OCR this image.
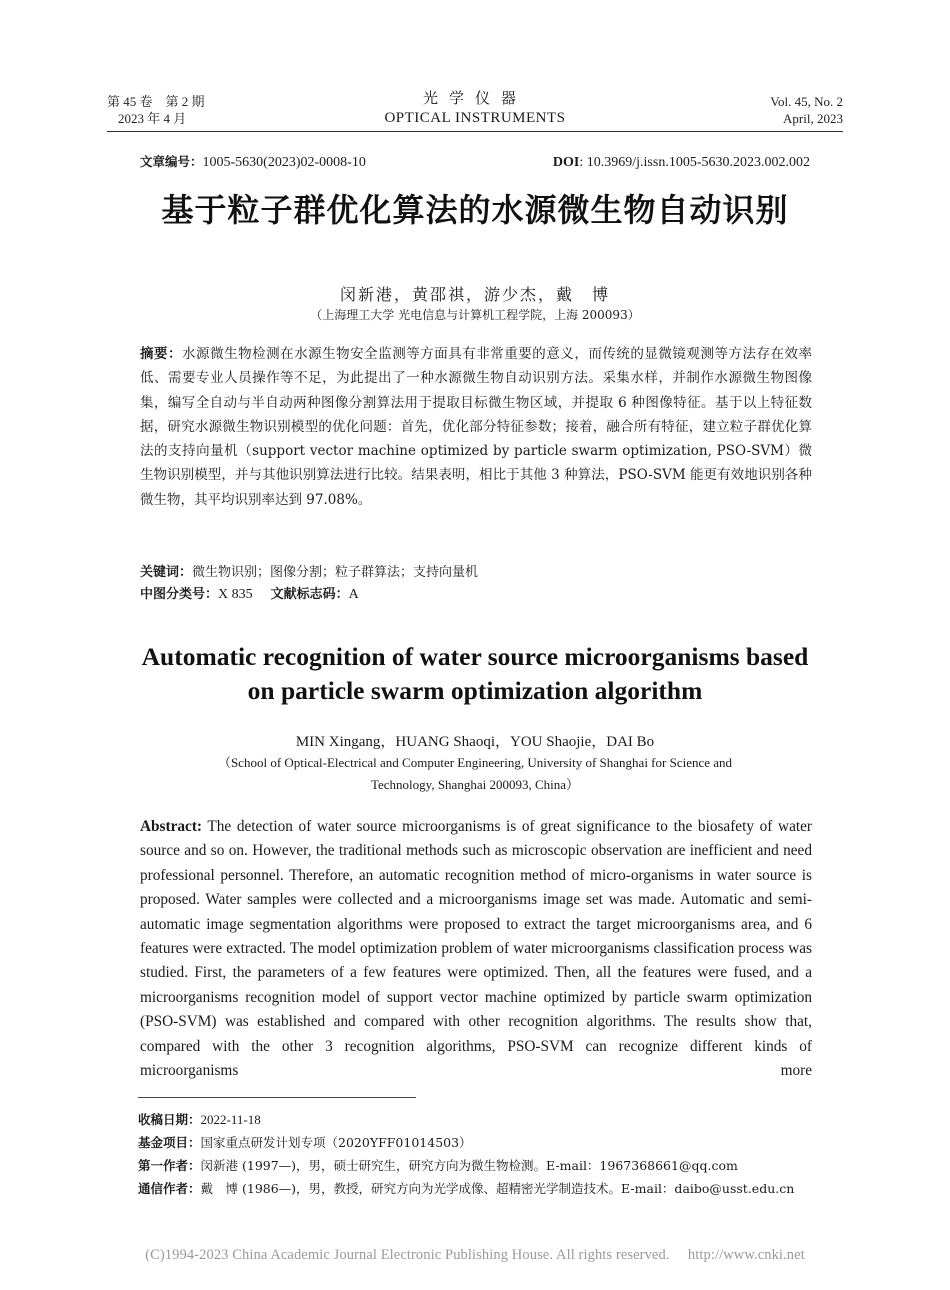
第 45 卷　第 2 期
2023 年 4 月
光学仪器
OPTICAL INSTRUMENTS
Vol. 45, No. 2
April, 2023
文章编号：1005-5630(2023)02-0008-10	DOI: 10.3969/j.issn.1005-5630.2023.002.002
基于粒子群优化算法的水源微生物自动识别
闵新港，黄邵祺，游少杰，戴　博
（上海理工大学 光电信息与计算机工程学院，上海 200093）
摘要：水源微生物检测在水源生物安全监测等方面具有非常重要的意义，而传统的显微镜观测等方法存在效率低、需要专业人员操作等不足，为此提出了一种水源微生物自动识别方法。采集水样，并制作水源微生物图像集，编写全自动与半自动两种图像分割算法用于提取目标微生物区域，并提取 6 种图像特征。基于以上特征数据，研究水源微生物识别模型的优化问题：首先，优化部分特征参数；接着，融合所有特征，建立粒子群优化算法的支持向量机（support vector machine optimized by particle swarm optimization, PSO-SVM）微生物识别模型，并与其他识别算法进行比较。结果表明，相比于其他 3 种算法，PSO-SVM 能更有效地识别各种微生物，其平均识别率达到 97.08%。
关键词：微生物识别；图像分割；粒子群算法；支持向量机
中图分类号：X 835 文献标志码：A
Automatic recognition of water source microorganisms based
on particle swarm optimization algorithm
MIN Xingang，HUANG Shaoqi，YOU Shaojie，DAI Bo
（School of Optical-Electrical and Computer Engineering, University of Shanghai for Science and
Technology, Shanghai 200093, China）
Abstract: The detection of water source microorganisms is of great significance to the biosafety of water source and so on. However, the traditional methods such as microscopic observation are inefficient and need professional personnel. Therefore, an automatic recognition method of micro-organisms in water source is proposed. Water samples were collected and a microorganisms image set was made. Automatic and semi-automatic image segmentation algorithms were proposed to extract the target microorganisms area, and 6 features were extracted. The model optimization problem of water microorganisms classification process was studied. First, the parameters of a few features were optimized. Then, all the features were fused, and a microorganisms recognition model of support vector machine optimized by particle swarm optimization (PSO-SVM) was established and compared with other recognition algorithms. The results show that, compared with the other 3 recognition algorithms, PSO-SVM can recognize different kinds of microorganisms more
收稿日期：2022-11-18
基金项目：国家重点研发计划专项（2020YFF01014503）
第一作者：闵新港 (1997—)，男，硕士研究生，研究方向为微生物检测。E-mail：1967368661@qq.com
通信作者：戴　博 (1986—)，男，教授，研究方向为光学成像、超精密光学制造技术。E-mail：daibo@usst.edu.cn
(C)1994-2023 China Academic Journal Electronic Publishing House. All rights reserved.　 http://www.cnki.net
